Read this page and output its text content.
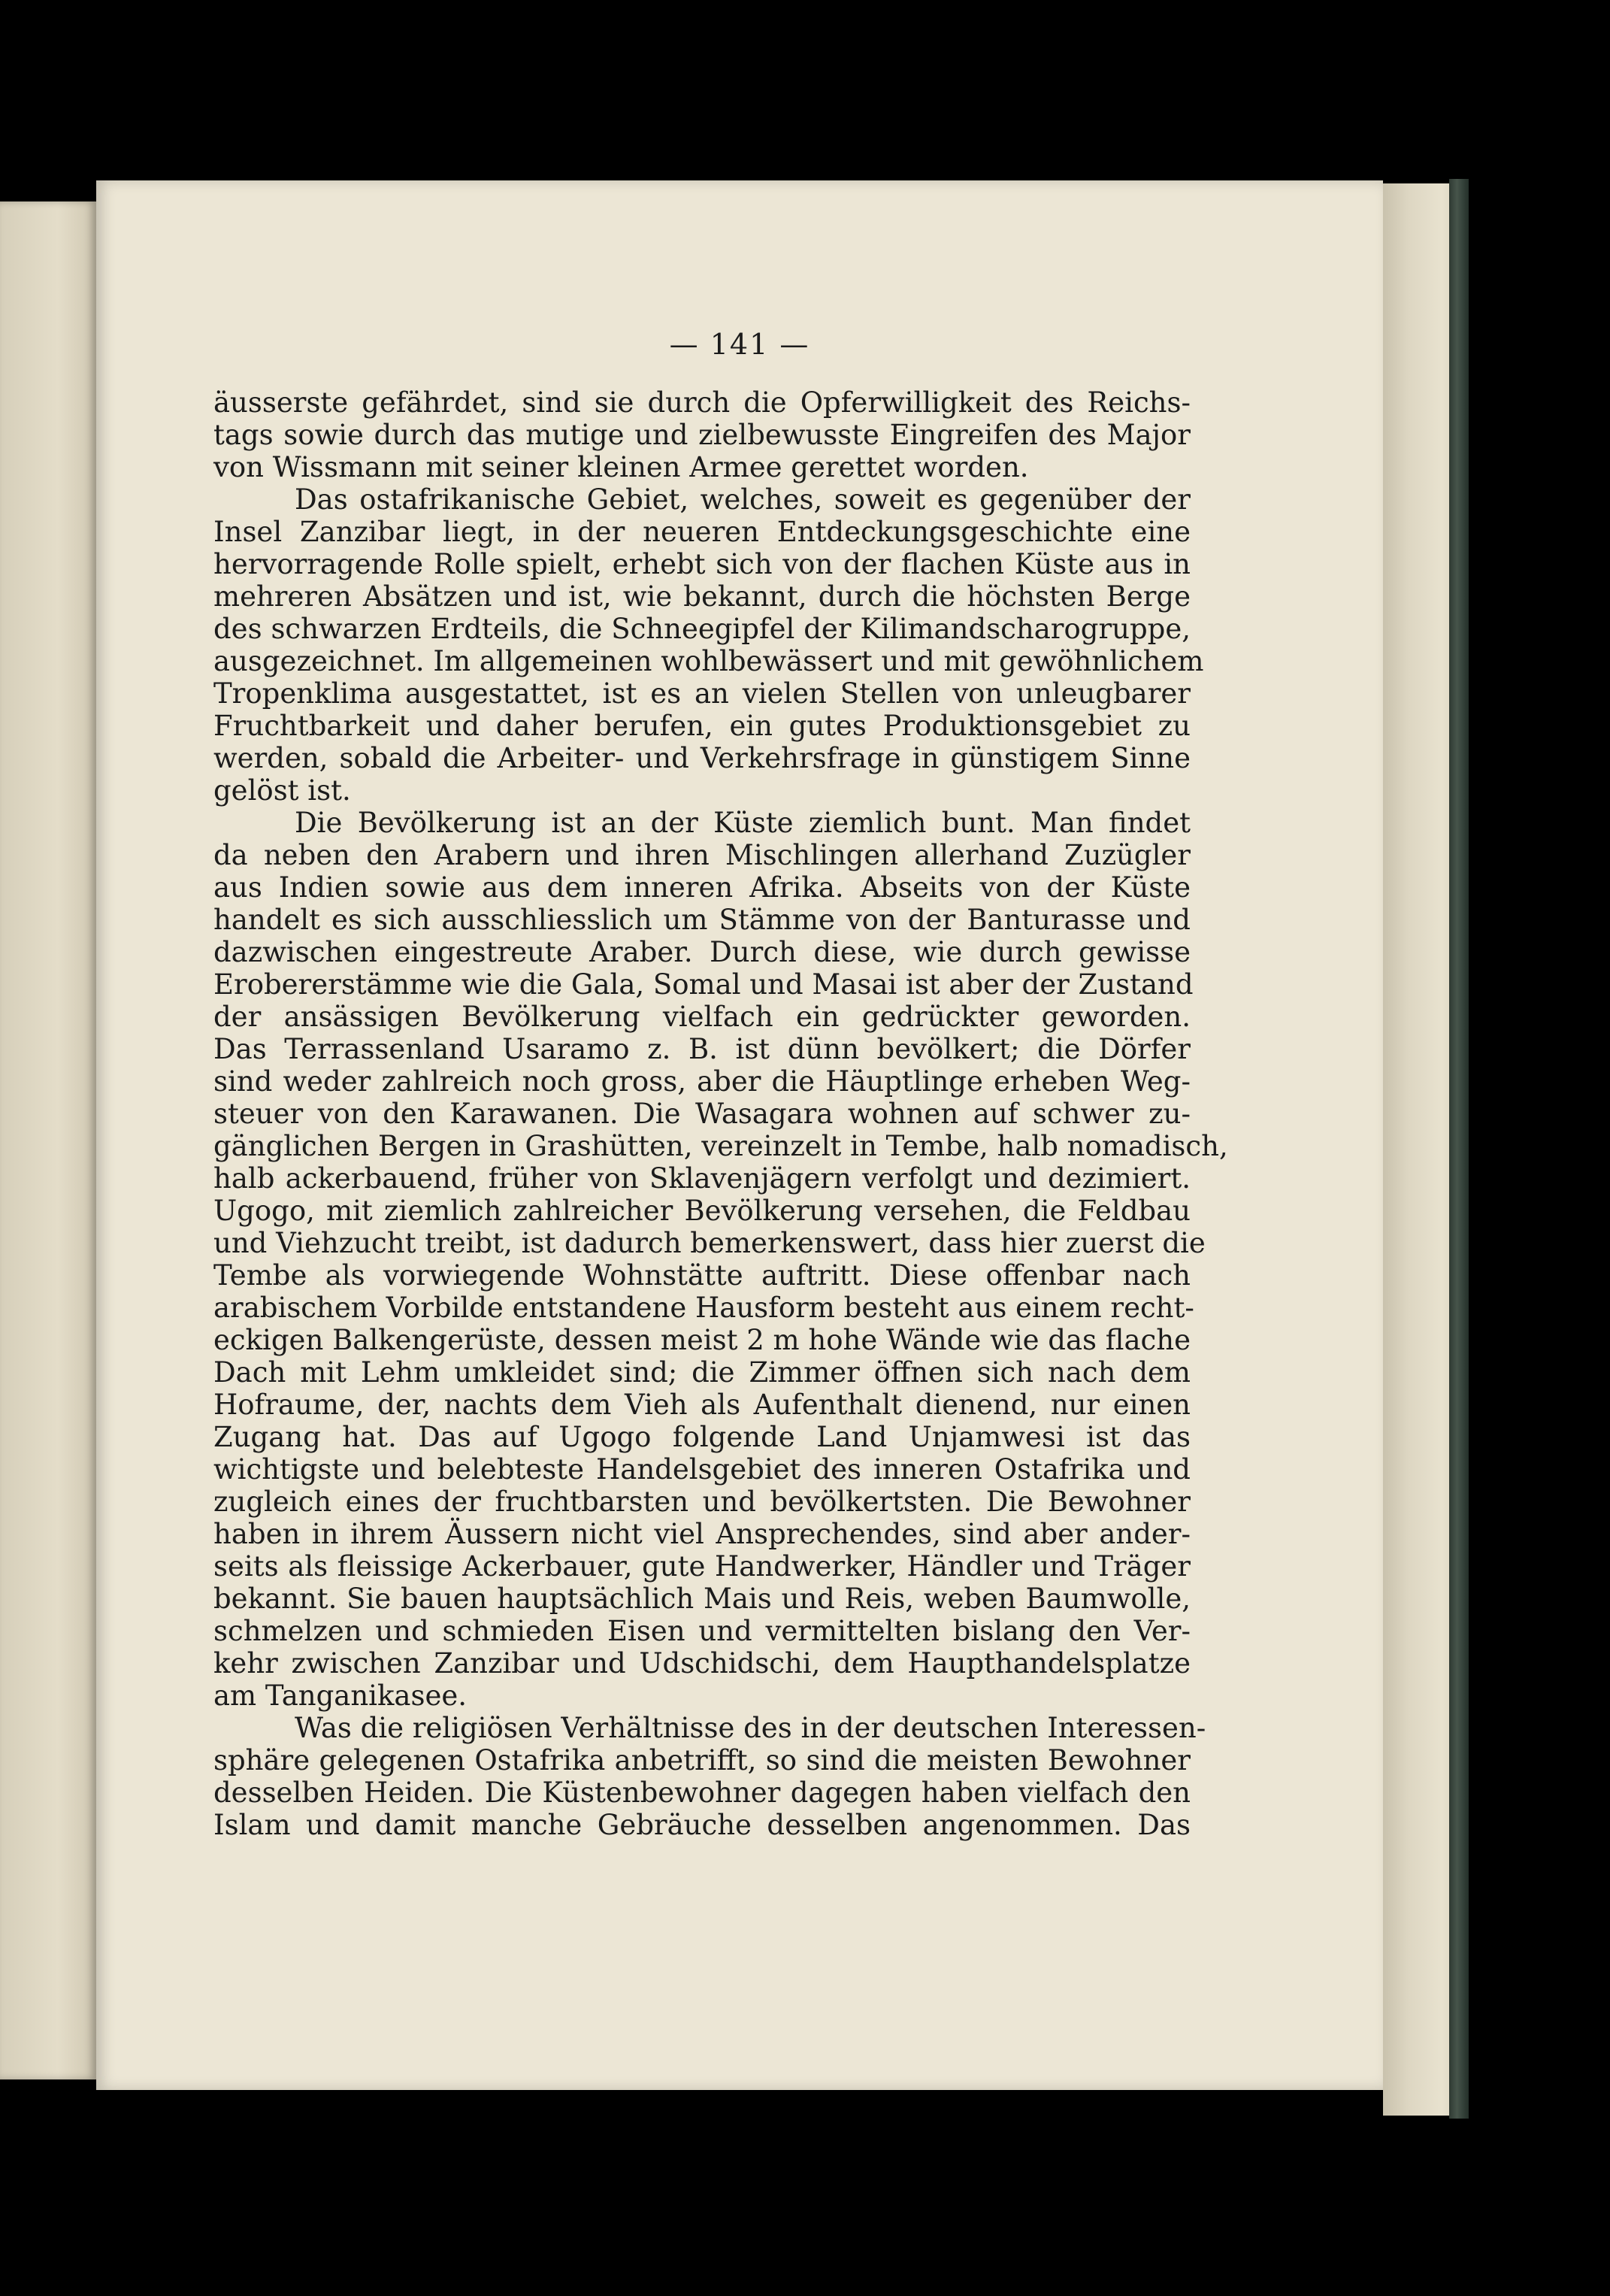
— 141 —
äusserste gefährdet, sind sie durch die Opferwilligkeit des Reichs-
tags sowie durch das mutige und zielbewusste Eingreifen des Major
von Wissmann mit seiner kleinen Armee gerettet worden.
Das ostafrikanische Gebiet, welches, soweit es gegenüber der
Insel Zanzibar liegt, in der neueren Entdeckungsgeschichte eine
hervorragende Rolle spielt, erhebt sich von der flachen Küste aus in
mehreren Absätzen und ist, wie bekannt, durch die höchsten Berge
des schwarzen Erdteils, die Schneegipfel der Kilimandscharogruppe,
ausgezeichnet. Im allgemeinen wohlbewässert und mit gewöhnlichem
Tropenklima ausgestattet, ist es an vielen Stellen von unleugbarer
Fruchtbarkeit und daher berufen, ein gutes Produktionsgebiet zu
werden, sobald die Arbeiter- und Verkehrsfrage in günstigem Sinne
gelöst ist.
Die Bevölkerung ist an der Küste ziemlich bunt. Man findet
da neben den Arabern und ihren Mischlingen allerhand Zuzügler
aus Indien sowie aus dem inneren Afrika. Abseits von der Küste
handelt es sich ausschliesslich um Stämme von der Banturasse und
dazwischen eingestreute Araber. Durch diese, wie durch gewisse
Erobererstämme wie die Gala, Somal und Masai ist aber der Zustand
der ansässigen Bevölkerung vielfach ein gedrückter geworden.
Das Terrassenland Usaramo z. B. ist dünn bevölkert; die Dörfer
sind weder zahlreich noch gross, aber die Häuptlinge erheben Weg-
steuer von den Karawanen. Die Wasagara wohnen auf schwer zu-
gänglichen Bergen in Grashütten, vereinzelt in Tembe, halb nomadisch,
halb ackerbauend, früher von Sklavenjägern verfolgt und dezimiert.
Ugogo, mit ziemlich zahlreicher Bevölkerung versehen, die Feldbau
und Viehzucht treibt, ist dadurch bemerkenswert, dass hier zuerst die
Tembe als vorwiegende Wohnstätte auftritt. Diese offenbar nach
arabischem Vorbilde entstandene Hausform besteht aus einem recht-
eckigen Balkengerüste, dessen meist 2 m hohe Wände wie das flache
Dach mit Lehm umkleidet sind; die Zimmer öffnen sich nach dem
Hofraume, der, nachts dem Vieh als Aufenthalt dienend, nur einen
Zugang hat. Das auf Ugogo folgende Land Unjamwesi ist das
wichtigste und belebteste Handelsgebiet des inneren Ostafrika und
zugleich eines der fruchtbarsten und bevölkertsten. Die Bewohner
haben in ihrem Äussern nicht viel Ansprechendes, sind aber ander-
seits als fleissige Ackerbauer, gute Handwerker, Händler und Träger
bekannt. Sie bauen hauptsächlich Mais und Reis, weben Baumwolle,
schmelzen und schmieden Eisen und vermittelten bislang den Ver-
kehr zwischen Zanzibar und Udschidschi, dem Haupthandelsplatze
am Tanganikasee.
Was die religiösen Verhältnisse des in der deutschen Interessen-
sphäre gelegenen Ostafrika anbetrifft, so sind die meisten Bewohner
desselben Heiden. Die Küstenbewohner dagegen haben vielfach den
Islam und damit manche Gebräuche desselben angenommen. Das
